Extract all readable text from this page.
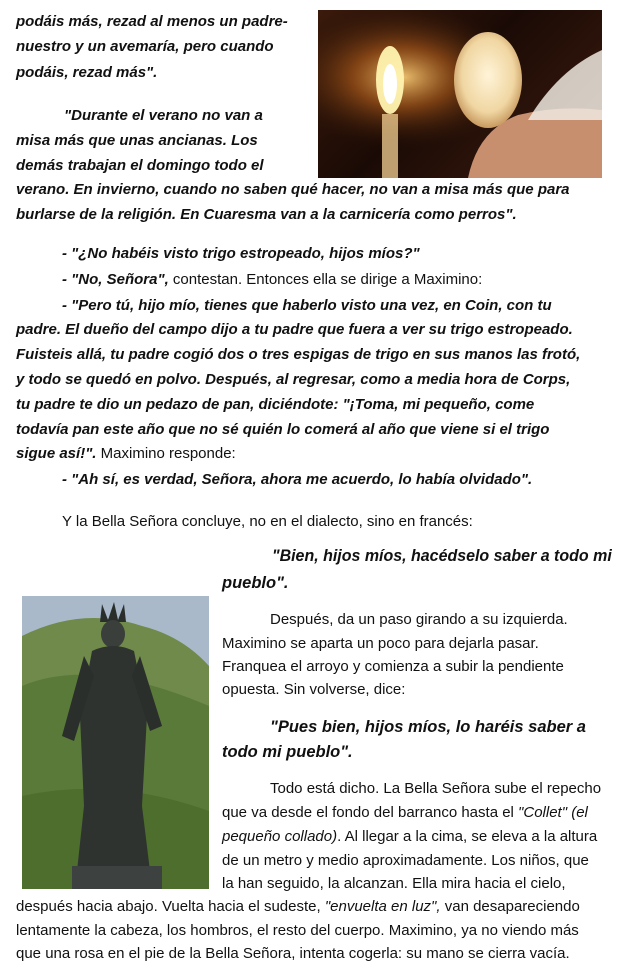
podáis más, rezad al menos un padre-
nuestro y un avemaría, pero cuando
podáis, rezad más".
"Durante el verano no van a
misa más que unas ancianas. Los
demás trabajan el domingo todo el
verano. En invierno, cuando no saben qué hacer, no van a misa más que para
burlarse de la religión. En Cuaresma van a la carnicería como perros".
- "¿No habéis visto trigo estropeado, hijos míos?"
- "No, Señora", contestan. Entonces ella se dirige a Maximino:
- "Pero tú, hijo mío, tienes que haberlo visto una vez, en Coin, con tu
padre. El dueño del campo dijo a tu padre que fuera a ver su trigo estropeado.
Fuisteis allá, tu padre cogió dos o tres espigas de trigo en sus manos las frotó,
y todo se quedó en polvo. Después, al regresar, como a media hora de Corps,
tu padre te dio un pedazo de pan, diciéndote: "¡Toma, mi pequeño, come
todavía pan este año que no sé quién lo comerá al año que viene si el trigo
sigue así!". Maximino responde:
- "Ah sí, es verdad, Señora, ahora me acuerdo, lo había olvidado".
Y la Bella Señora concluye, no en el dialecto, sino en francés:
"Bien, hijos míos, hacédselo saber a todo mi
pueblo".
Después, da un paso girando a su izquierda.
Maximino se aparta un poco para dejarla pasar.
Franquea el arroyo y comienza a subir la pendiente
opuesta. Sin volverse, dice:
"Pues bien, hijos míos, lo haréis saber a
todo mi pueblo".
Todo está dicho. La Bella Señora sube el repecho
que va desde el fondo del barranco hasta el "Collet" (el
pequeño collado). Al llegar a la cima, se eleva a la altura
de un metro y medio aproximadamente. Los niños, que
la han seguido, la alcanzan. Ella mira hacia el cielo,
después hacia abajo. Vuelta hacia el sudeste, "envuelta en luz", van desapareciendo
lentamente la cabeza, los hombros, el resto del cuerpo. Maximino, ya no viendo más
que una rosa en el pie de la Bella Señora, intenta cogerla: su mano se cierra vacía.
